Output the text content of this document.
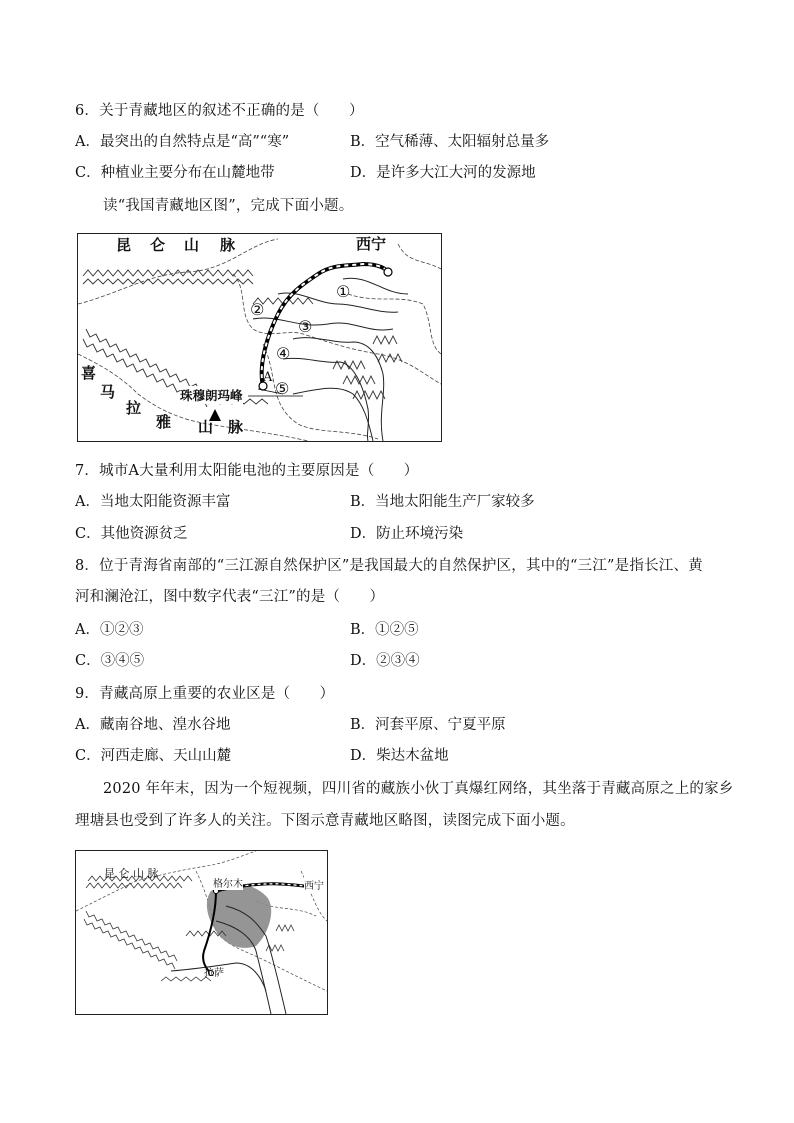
6．关于青藏地区的叙述不正确的是（　　）
A．最突出的自然特点是“高”“寒”	B．空气稀薄、太阳辐射总量多
C．种植业主要分布在山麓地带	D．是许多大江大河的发源地
读“我国青藏地区图”，完成下面小题。
昆 仑 山 脉
喜
马
拉
雅 山 脉
西宁
珠穆朗玛峰
A
①
②
③
④
⑤
7．城市A大量利用太阳能电池的主要原因是（　　）
A．当地太阳能资源丰富	B．当地太阳能生产厂家较多
C．其他资源贫乏	D．防止环境污染
8．位于青海省南部的“三江源自然保护区”是我国最大的自然保护区，其中的“三江”是指长江、黄
河和澜沧江，图中数字代表“三江”的是（　　）
A．①②③	B．①②⑤
C．③④⑤	D．②③④
9．青藏高原上重要的农业区是（　　）
A．藏南谷地、湟水谷地	B．河套平原、宁夏平原
C．河西走廊、天山山麓	D．柴达木盆地
2020 年年末，因为一个短视频，四川省的藏族小伙丁真爆红网络，其坐落于青藏高原之上的家乡
理塘县也受到了许多人的关注。下图示意青藏地区略图，读图完成下面小题。
昆 仑 山 脉
格尔木	西宁
拉萨
